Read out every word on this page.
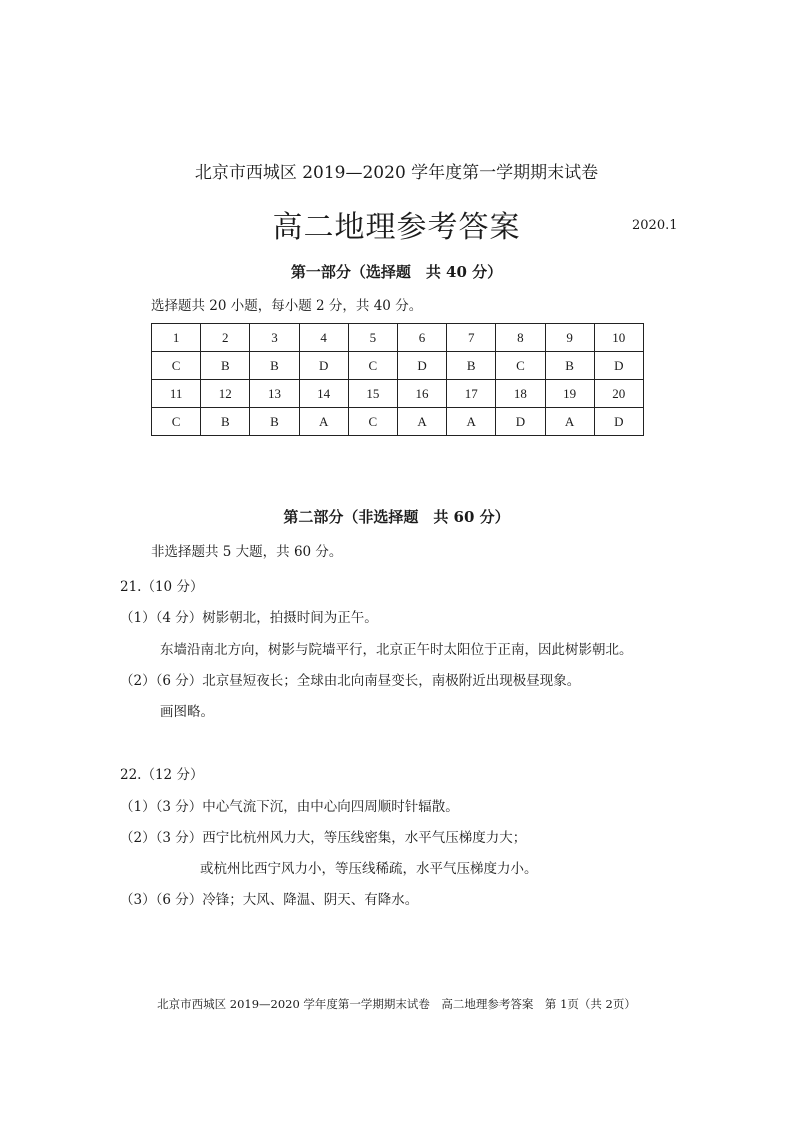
北京市西城区 2019—2020 学年度第一学期期末试卷
高二地理参考答案	2020.1
第一部分（选择题　共 40 分）
选择题共 20 小题，每小题 2 分，共 40 分。
1	2	3	4	5	6	7	8	9	10
C	B	B	D	C	D	B	C	B	D
11	12	13	14	15	16	17	18	19	20
C	B	B	A	C	A	A	D	A	D
第二部分（非选择题　共 60 分）
非选择题共 5 大题，共 60 分。
21.（10 分）
（1）（4 分）树影朝北，拍摄时间为正午。
东墙沿南北方向，树影与院墙平行，北京正午时太阳位于正南，因此树影朝北。
（2）（6 分）北京昼短夜长；全球由北向南昼变长，南极附近出现极昼现象。
画图略。
22.（12 分）
（1）（3 分）中心气流下沉，由中心向四周顺时针辐散。
（2）（3 分）西宁比杭州风力大，等压线密集，水平气压梯度力大；
或杭州比西宁风力小，等压线稀疏，水平气压梯度力小。
（3）（6 分）冷锋；大风、降温、阴天、有降水。
北京市西城区 2019—2020 学年度第一学期期末试卷　高二地理参考答案　第 1页（共 2页）
